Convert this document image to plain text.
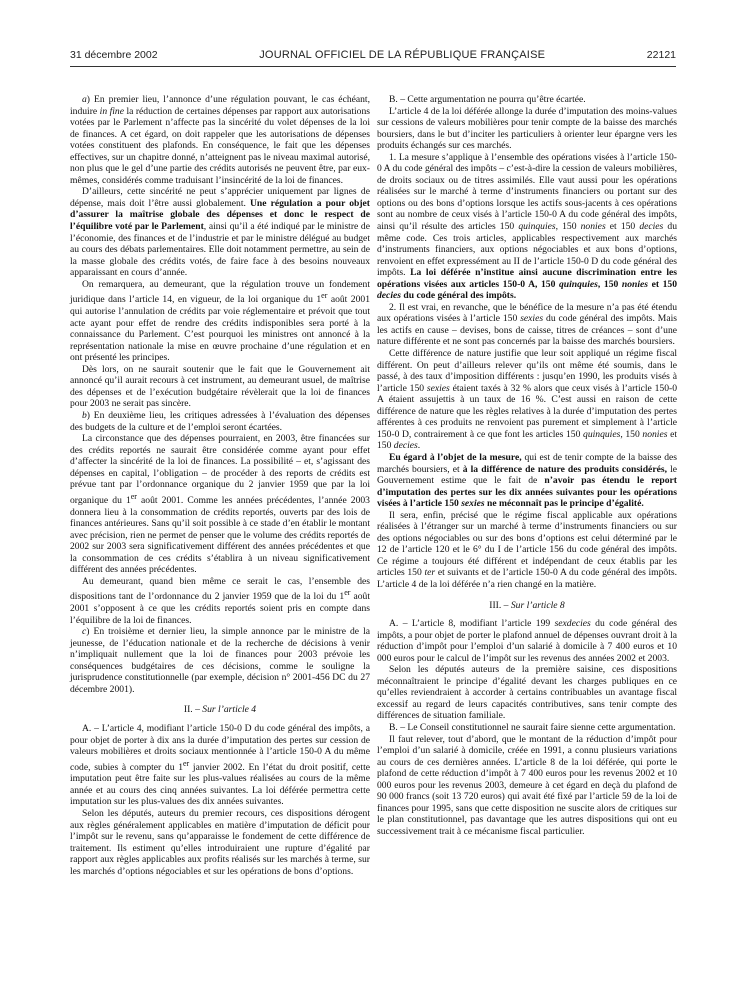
31 décembre 2002	JOURNAL OFFICIEL DE LA RÉPUBLIQUE FRANÇAISE	22121

a) En premier lieu, l’annonce d’une régulation pouvant, le cas échéant, induire in fine la réduction de certaines dépenses par rapport aux autorisations votées par le Parlement n’affecte pas la sincérité du volet dépenses de la loi de finances. A cet égard, on doit rappeler que les autorisations de dépenses votées constituent des plafonds. En conséquence, le fait que les dépenses effectives, sur un chapitre donné, n’atteignent pas le niveau maximal autorisé, non plus que le gel d’une partie des crédits autorisés ne peuvent être, par eux-mêmes, considérés comme traduisant l’insincérité de la loi de finances.

D’ailleurs, cette sincérité ne peut s’apprécier uniquement par lignes de dépense, mais doit l’être aussi globalement. Une régulation a pour objet d’assurer la maîtrise globale des dépenses et donc le respect de l’équilibre voté par le Parlement, ainsi qu’il a été indiqué par le ministre de l’économie, des finances et de l’industrie et par le ministre délégué au budget au cours des débats parlementaires. Elle doit notamment permettre, au sein de la masse globale des crédits votés, de faire face à des besoins nouveaux apparaissant en cours d’année.

On remarquera, au demeurant, que la régulation trouve un fondement juridique dans l’article 14, en vigueur, de la loi organique du 1er août 2001 qui autorise l’annulation de crédits par voie réglementaire et prévoit que tout acte ayant pour effet de rendre des crédits indisponibles sera porté à la connaissance du Parlement. C’est pourquoi les ministres ont annoncé à la représentation nationale la mise en œuvre prochaine d’une régulation et en ont présenté les principes.

Dès lors, on ne saurait soutenir que le fait que le Gouvernement ait annoncé qu’il aurait recours à cet instrument, au demeurant usuel, de maîtrise des dépenses et de l’exécution budgétaire révèlerait que la loi de finances pour 2003 ne serait pas sincère.

b) En deuxième lieu, les critiques adressées à l’évaluation des dépenses des budgets de la culture et de l’emploi seront écartées.

La circonstance que des dépenses pourraient, en 2003, être financées sur des crédits reportés ne saurait être considérée comme ayant pour effet d’affecter la sincérité de la loi de finances. La possibilité – et, s’agissant des dépenses en capital, l’obligation – de procéder à des reports de crédits est prévue tant par l’ordonnance organique du 2 janvier 1959 que par la loi organique du 1er août 2001. Comme les années précédentes, l’année 2003 donnera lieu à la consommation de crédits reportés, ouverts par des lois de finances antérieures. Sans qu’il soit possible à ce stade d’en établir le montant avec précision, rien ne permet de penser que le volume des crédits reportés de 2002 sur 2003 sera significativement différent des années précédentes et que la consommation de ces crédits s’établira à un niveau significativement différent des années précédentes.

Au demeurant, quand bien même ce serait le cas, l’ensemble des dispositions tant de l’ordonnance du 2 janvier 1959 que de la loi du 1er août 2001 s’opposent à ce que les crédits reportés soient pris en compte dans l’équilibre de la loi de finances.

c) En troisième et dernier lieu, la simple annonce par le ministre de la jeunesse, de l’éducation nationale et de la recherche de décisions à venir n’impliquait nullement que la loi de finances pour 2003 prévoie les conséquences budgétaires de ces décisions, comme le souligne la jurisprudence constitutionnelle (par exemple, décision n° 2001-456 DC du 27 décembre 2001).

II. – Sur l’article 4

A. – L’article 4, modifiant l’article 150-0 D du code général des impôts, a pour objet de porter à dix ans la durée d’imputation des pertes sur cession de valeurs mobilières et droits sociaux mentionnée à l’article 150-0 A du même code, subies à compter du 1er janvier 2002. En l’état du droit positif, cette imputation peut être faite sur les plus-values réalisées au cours de la même année et au cours des cinq années suivantes. La loi déférée permettra cette imputation sur les plus-values des dix années suivantes.

Selon les députés, auteurs du premier recours, ces dispositions dérogent aux règles généralement applicables en matière d’imputation de déficit pour l’impôt sur le revenu, sans qu’apparaisse le fondement de cette différence de traitement. Ils estiment qu’elles introduiraient une rupture d’égalité par rapport aux règles applicables aux profits réalisés sur les marchés à terme, sur les marchés d’options négociables et sur les opérations de bons d’options.

B. – Cette argumentation ne pourra qu’être écartée.

L’article 4 de la loi déférée allonge la durée d’imputation des moins-values sur cessions de valeurs mobilières pour tenir compte de la baisse des marchés boursiers, dans le but d’inciter les particuliers à orienter leur épargne vers les produits échangés sur ces marchés.

1. La mesure s’applique à l’ensemble des opérations visées à l’article 150-0 A du code général des impôts – c’est-à-dire la cession de valeurs mobilières, de droits sociaux ou de titres assimilés. Elle vaut aussi pour les opérations réalisées sur le marché à terme d’instruments financiers ou portant sur des options ou des bons d’options lorsque les actifs sous-jacents à ces opérations sont au nombre de ceux visés à l’article 150-0 A du code général des impôts, ainsi qu’il résulte des articles 150 quinquies, 150 nonies et 150 decies du même code. Ces trois articles, applicables respectivement aux marchés d’instruments financiers, aux options négociables et aux bons d’options, renvoient en effet expressément au II de l’article 150-0 D du code général des impôts. La loi déférée n’institue ainsi aucune discrimination entre les opérations visées aux articles 150-0 A, 150 quinquies, 150 nonies et 150 decies du code général des impôts.

2. Il est vrai, en revanche, que le bénéfice de la mesure n’a pas été étendu aux opérations visées à l’article 150 sexies du code général des impôts. Mais les actifs en cause – devises, bons de caisse, titres de créances – sont d’une nature différente et ne sont pas concernés par la baisse des marchés boursiers.

Cette différence de nature justifie que leur soit appliqué un régime fiscal différent. On peut d’ailleurs relever qu’ils ont même été soumis, dans le passé, à des taux d’imposition différents : jusqu’en 1990, les produits visés à l’article 150 sexies étaient taxés à 32 % alors que ceux visés à l’article 150-0 A étaient assujettis à un taux de 16 %. C’est aussi en raison de cette différence de nature que les règles relatives à la durée d’imputation des pertes afférentes à ces produits ne renvoient pas purement et simplement à l’article 150-0 D, contrairement à ce que font les articles 150 quinquies, 150 nonies et 150 decies.

Eu égard à l’objet de la mesure, qui est de tenir compte de la baisse des marchés boursiers, et à la différence de nature des produits considérés, le Gouvernement estime que le fait de n’avoir pas étendu le report d’imputation des pertes sur les dix années suivantes pour les opérations visées à l’article 150 sexies ne méconnaît pas le principe d’égalité.

Il sera, enfin, précisé que le régime fiscal applicable aux opérations réalisées à l’étranger sur un marché à terme d’instruments financiers ou sur des options négociables ou sur des bons d’options est celui déterminé par le 12 de l’article 120 et le 6° du I de l’article 156 du code général des impôts. Ce régime a toujours été différent et indépendant de ceux établis par les articles 150 ter et suivants et de l’article 150-0 A du code général des impôts. L’article 4 de la loi déférée n’a rien changé en la matière.

III. – Sur l’article 8

A. – L’article 8, modifiant l’article 199 sexdecies du code général des impôts, a pour objet de porter le plafond annuel de dépenses ouvrant droit à la réduction d’impôt pour l’emploi d’un salarié à domicile à 7 400 euros et 10 000 euros pour le calcul de l’impôt sur les revenus des années 2002 et 2003.

Selon les députés auteurs de la première saisine, ces dispositions méconnaîtraient le principe d’égalité devant les charges publiques en ce qu’elles reviendraient à accorder à certains contribuables un avantage fiscal excessif au regard de leurs capacités contributives, sans tenir compte des différences de situation familiale.

B. – Le Conseil constitutionnel ne saurait faire sienne cette argumentation.

Il faut relever, tout d’abord, que le montant de la réduction d’impôt pour l’emploi d’un salarié à domicile, créée en 1991, a connu plusieurs variations au cours de ces dernières années. L’article 8 de la loi déférée, qui porte le plafond de cette réduction d’impôt à 7 400 euros pour les revenus 2002 et 10 000 euros pour les revenus 2003, demeure à cet égard en deçà du plafond de 90 000 francs (soit 13 720 euros) qui avait été fixé par l’article 59 de la loi de finances pour 1995, sans que cette disposition ne suscite alors de critiques sur le plan constitutionnel, pas davantage que les autres dispositions qui ont eu successivement trait à ce mécanisme fiscal particulier.
